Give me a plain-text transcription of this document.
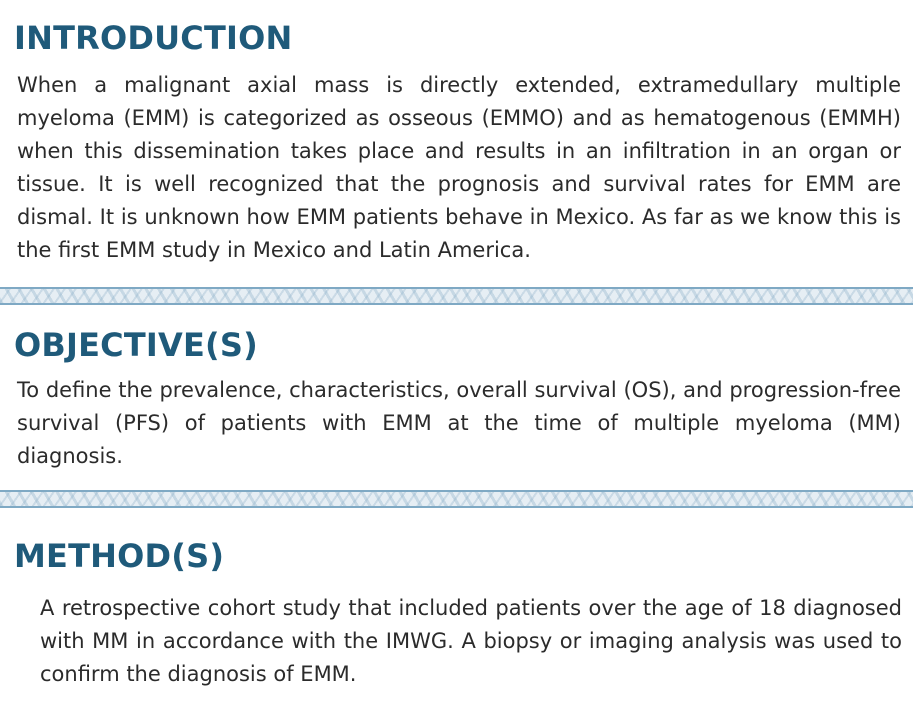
INTRODUCTION

When a malignant axial mass is directly extended, extramedullary multiple myeloma (EMM) is categorized as osseous (EMMO) and as hematogenous (EMMH) when this dissemination takes place and results in an infiltration in an organ or tissue. It is well recognized that the prognosis and survival rates for EMM are dismal. It is unknown how EMM patients behave in Mexico. As far as we know this is the first EMM study in Mexico and Latin America.

OBJECTIVE(S)

To define the prevalence, characteristics, overall survival (OS), and progression-free survival (PFS) of patients with EMM at the time of multiple myeloma (MM) diagnosis.

METHOD(S)

A retrospective cohort study that included patients over the age of 18 diagnosed with MM in accordance with the IMWG. A biopsy or imaging analysis was used to confirm the diagnosis of EMM.
